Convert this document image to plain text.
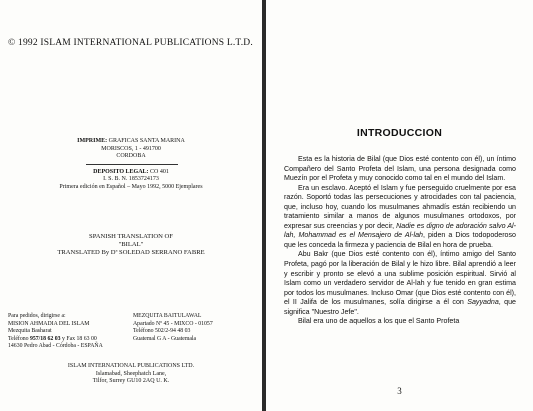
© 1992 ISLAM INTERNATIONAL PUBLICATIONS L.T.D.
IMPRIME: GRAFICAS SANTA MARINA
MORISCOS, 1 - 491700
CORDOBA
DEPOSITO LEGAL: CO 401
I. S. B. N. 1853724173
Primera edición en Español – Mayo 1992, 5000 Ejemplares
SPANISH TRANSLATION OF
"BILAL"
TRANSLATED By Dª SOLEDAD SERRANO FABRE
Para pedidos, dirigirse a:
MISION AHMADIA DEL ISLAM
Mezquita Basharat
Teléfono 957/18 62 03 y Fax 18 63 00
14630 Pedro Abad - Córdoba - ESPAÑA
MEZQUITA BAITULAWAL
Apartado Nº 45 - MIXCO - 01057
Teléfono 502/2-94 48 03
Guatemal G A - Guatemala
ISLAM INTERNATIONAL PUBLICATIONS LTD.
Islamabad, Sheephatch Lane,
Tilfor, Surrey GU10 2AQ U. K.
INTRODUCCION

Esta es la historia de Bilal (que Dios esté contento con él), un íntimo Compañero del Santo Profeta del Islam, una persona designada como Muezín por el Profeta y muy conocido como tal en el mundo del Islam.

Era un esclavo. Aceptó el Islam y fue perseguido cruelmente por esa razón. Soportó todas las persecuciones y atrocidades con tal paciencia, que, incluso hoy, cuando los musulmanes ahmadís están recibiendo un tratamiento similar a manos de algunos musulmanes ortodoxos, por expresar sus creencias y por decir, Nadie es digno de adoración salvo Al-lah, Mohammad es el Mensajero de Al-lah, piden a Dios todopoderoso que les conceda la firmeza y paciencia de Bilal en hora de prueba.

Abu Bakr (que Dios esté contento con él), íntimo amigo del Santo Profeta, pagó por la liberación de Bilal y le hizo libre. Bilal aprendió a leer y escribir y pronto se elevó a una sublime posición espiritual. Sirvió al Islam como un verdadero servidor de Al-lah y fue tenido en gran estima por todos los musulmanes. Incluso Omar (que Dios esté contento con él), el II Jalifa de los musulmanes, solía dirigirse a él con Sayyadna, que significa "Nuestro Jefe".

Bilal era uno de aquellos a los que el Santo Profeta

3
